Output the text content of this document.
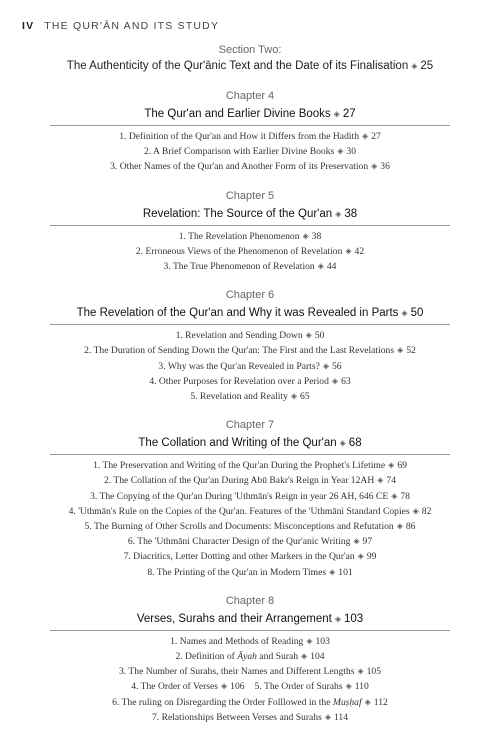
IV THE QUR'ĀN AND ITS STUDY
Section Two:
The Authenticity of the Qur'ānic Text and the Date of its Finalisation ◈ 25
Chapter 4
The Qur'an and Earlier Divine Books ◈ 27
1. Definition of the Qur'an and How it Differs from the Hadith ◈ 27
2. A Brief Comparison with Earlier Divine Books ◈ 30
3. Other Names of the Qur'an and Another Form of its Preservation ◈ 36
Chapter 5
Revelation: The Source of the Qur'an ◈ 38
1. The Revelation Phenomenon ◈ 38
2. Erroneous Views of the Phenomenon of Revelation ◈ 42
3. The True Phenomenon of Revelation ◈ 44
Chapter 6
The Revelation of the Qur'an and Why it was Revealed in Parts ◈ 50
1. Revelation and Sending Down ◈ 50
2. The Duration of Sending Down the Qur'an: The First and the Last Revelations ◈ 52
3. Why was the Qur'an Revealed in Parts? ◈ 56
4. Other Purposes for Revelation over a Period ◈ 63
5. Revelation and Reality ◈ 65
Chapter 7
The Collation and Writing of the Qur'an ◈ 68
1. The Preservation and Writing of the Qur'an During the Prophet's Lifetime ◈ 69
2. The Collation of the Qur'an During Abū Bakr's Reign in Year 12AH ◈ 74
3. The Copying of the Qur'an During 'Uthmān's Reign in year 26 AH, 646 CE ◈ 78
4. 'Uthmān's Rule on the Copies of the Qur'an. Features of the 'Uthmāni Standard Copies ◈ 82
5. The Burning of Other Scrolls and Documents: Misconceptions and Refutation ◈ 86
6. The 'Uthmāni Character Design of the Qur'anic Writing ◈ 97
7. Diacritics, Letter Dotting and other Markers in the Qur'an ◈ 99
8. The Printing of the Qur'an in Modern Times ◈ 101
Chapter 8
Verses, Surahs and their Arrangement ◈ 103
1. Names and Methods of Reading ◈ 103
2. Definition of Āyah and Surah ◈ 104
3. The Number of Surahs, their Names and Different Lengths ◈ 105
4. The Order of Verses ◈ 106 5. The Order of Surahs ◈ 110
6. The ruling on Disregarding the Order Folllowed in the Muṣḥaf ◈ 112
7. Relationships Between Verses and Surahs ◈ 114
